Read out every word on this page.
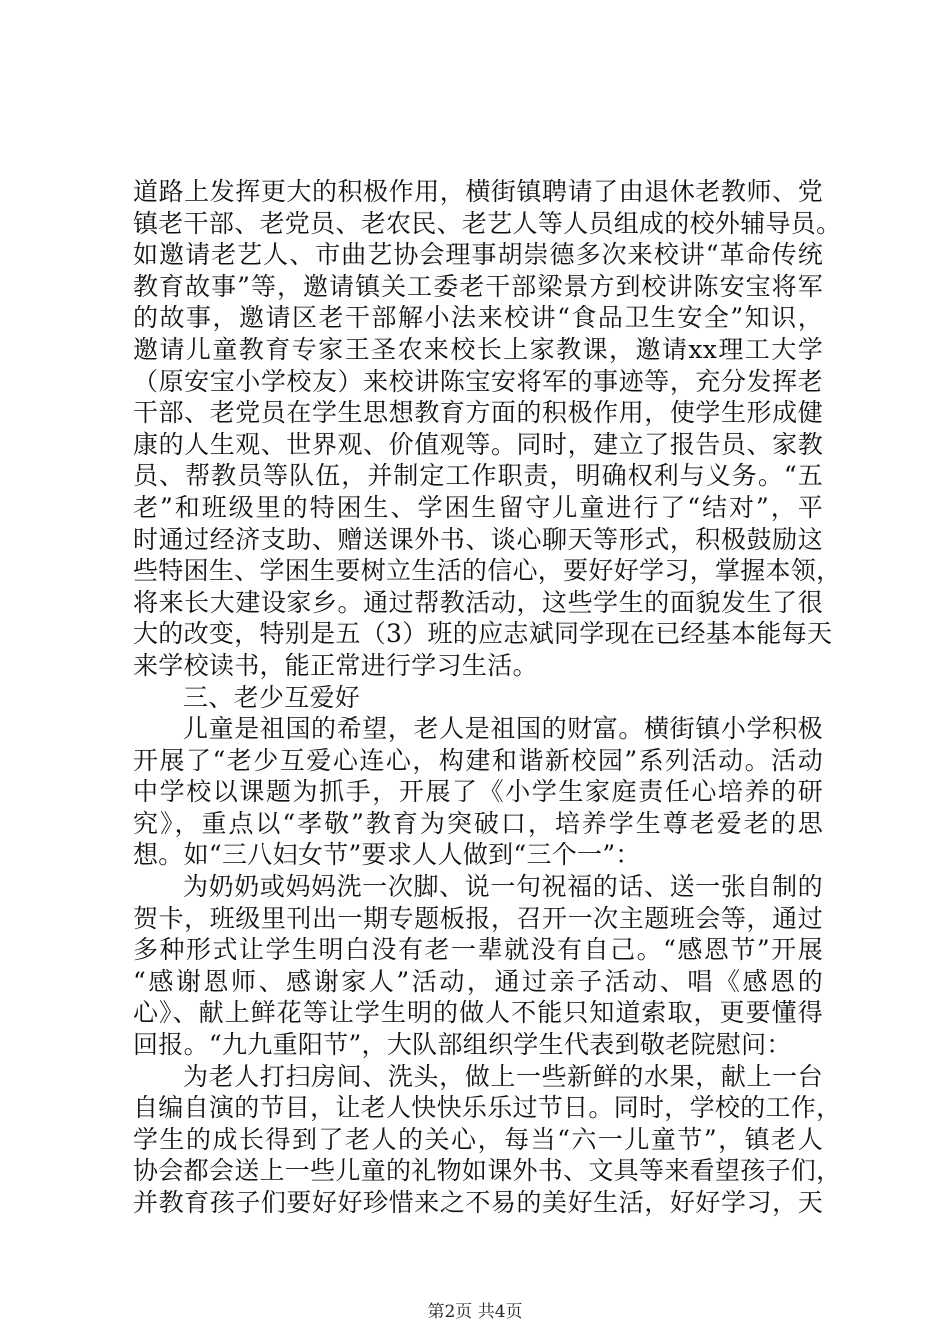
道路上发挥更大的积极作用，横街镇聘请了由退休老教师、党
镇老干部、老党员、老农民、老艺人等人员组成的校外辅导员。
如邀请老艺人、市曲艺协会理事胡崇德多次来校讲“革命传统
教育故事”等，邀请镇关工委老干部梁景方到校讲陈安宝将军
的故事，邀请区老干部解小法来校讲“食品卫生安全”知识，
邀请儿童教育专家王圣农来校长上家教课，邀请xx理工大学
（原安宝小学校友）来校讲陈宝安将军的事迹等，充分发挥老
干部、老党员在学生思想教育方面的积极作用，使学生形成健
康的人生观、世界观、价值观等。同时，建立了报告员、家教
员、帮教员等队伍，并制定工作职责，明确权利与义务。“五
老”和班级里的特困生、学困生留守儿童进行了“结对”，平
时通过经济支助、赠送课外书、谈心聊天等形式，积极鼓励这
些特困生、学困生要树立生活的信心，要好好学习，掌握本领，
将来长大建设家乡。通过帮教活动，这些学生的面貌发生了很
大的改变，特别是五（3）班的应志斌同学现在已经基本能每天
来学校读书，能正常进行学习生活。
三、老少互爱好
儿童是祖国的希望，老人是祖国的财富。横街镇小学积极
开展了“老少互爱心连心，构建和谐新校园”系列活动。活动
中学校以课题为抓手，开展了《小学生家庭责任心培养的研
究》，重点以“孝敬”教育为突破口，培养学生尊老爱老的思
想。如“三八妇女节”要求人人做到“三个一”：
为奶奶或妈妈洗一次脚、说一句祝福的话、送一张自制的
贺卡，班级里刊出一期专题板报，召开一次主题班会等，通过
多种形式让学生明白没有老一辈就没有自己。“感恩节”开展
“感谢恩师、感谢家人”活动，通过亲子活动、唱《感恩的
心》、献上鲜花等让学生明的做人不能只知道索取，更要懂得
回报。“九九重阳节”，大队部组织学生代表到敬老院慰问：
为老人打扫房间、洗头，做上一些新鲜的水果，献上一台
自编自演的节目，让老人快快乐乐过节日。同时，学校的工作，
学生的成长得到了老人的关心，每当“六一儿童节”，镇老人
协会都会送上一些儿童的礼物如课外书、文具等来看望孩子们，
并教育孩子们要好好珍惜来之不易的美好生活，好好学习，天
第2页 共4页
